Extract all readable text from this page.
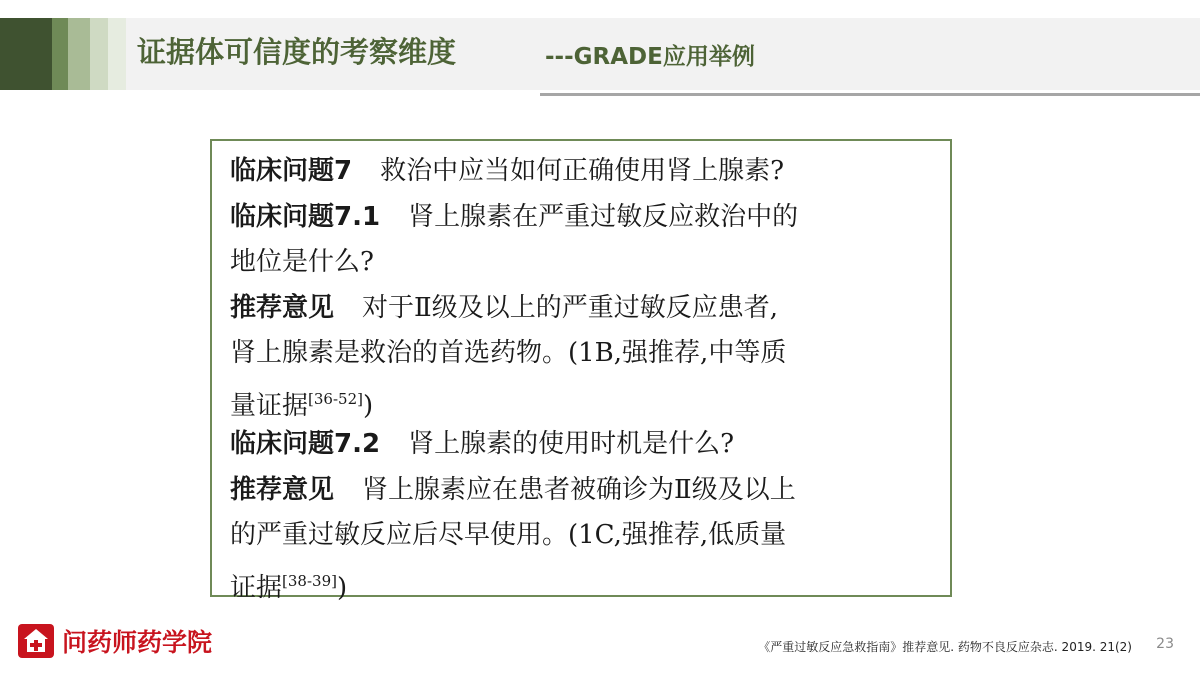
证据体可信度的考察维度	---GRADE应用举例
临床问题7 救治中应当如何正确使用肾上腺素?
临床问题7.1 肾上腺素在严重过敏反应救治中的
地位是什么?
推荐意见 对于Ⅱ级及以上的严重过敏反应患者,
肾上腺素是救治的首选药物。(1B,强推荐,中等质
量证据[36-52])
临床问题7.2 肾上腺素的使用时机是什么?
推荐意见 肾上腺素应在患者被确诊为Ⅱ级及以上
的严重过敏反应后尽早使用。(1C,强推荐,低质量
证据[38-39])
问药师药学院	《严重过敏反应急救指南》推荐意见. 药物不良反应杂志. 2019. 21(2) 23
